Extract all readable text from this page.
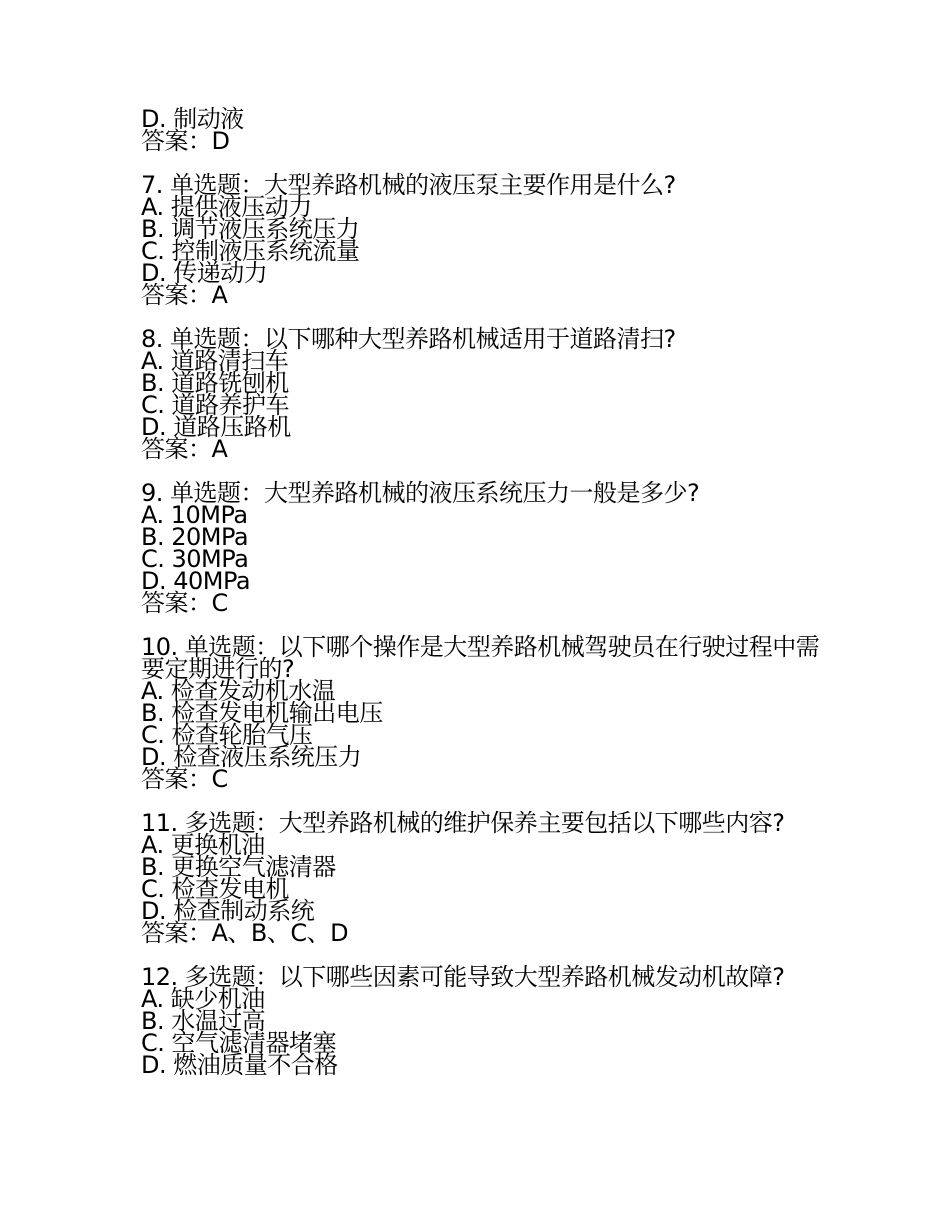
D. 制动液
答案：D
7. 单选题：大型养路机械的液压泵主要作用是什么?
A. 提供液压动力
B. 调节液压系统压力
C. 控制液压系统流量
D. 传递动力
答案：A
8. 单选题：以下哪种大型养路机械适用于道路清扫?
A. 道路清扫车
B. 道路铣刨机
C. 道路养护车
D. 道路压路机
答案：A
9. 单选题：大型养路机械的液压系统压力一般是多少?
A. 10MPa
B. 20MPa
C. 30MPa
D. 40MPa
答案：C
10. 单选题：以下哪个操作是大型养路机械驾驶员在行驶过程中需要定期进行的?
A. 检查发动机水温
B. 检查发电机输出电压
C. 检查轮胎气压
D. 检查液压系统压力
答案：C
11. 多选题：大型养路机械的维护保养主要包括以下哪些内容?
A. 更换机油
B. 更换空气滤清器
C. 检查发电机
D. 检查制动系统
答案：A、B、C、D
12. 多选题：以下哪些因素可能导致大型养路机械发动机故障?
A. 缺少机油
B. 水温过高
C. 空气滤清器堵塞
D. 燃油质量不合格
